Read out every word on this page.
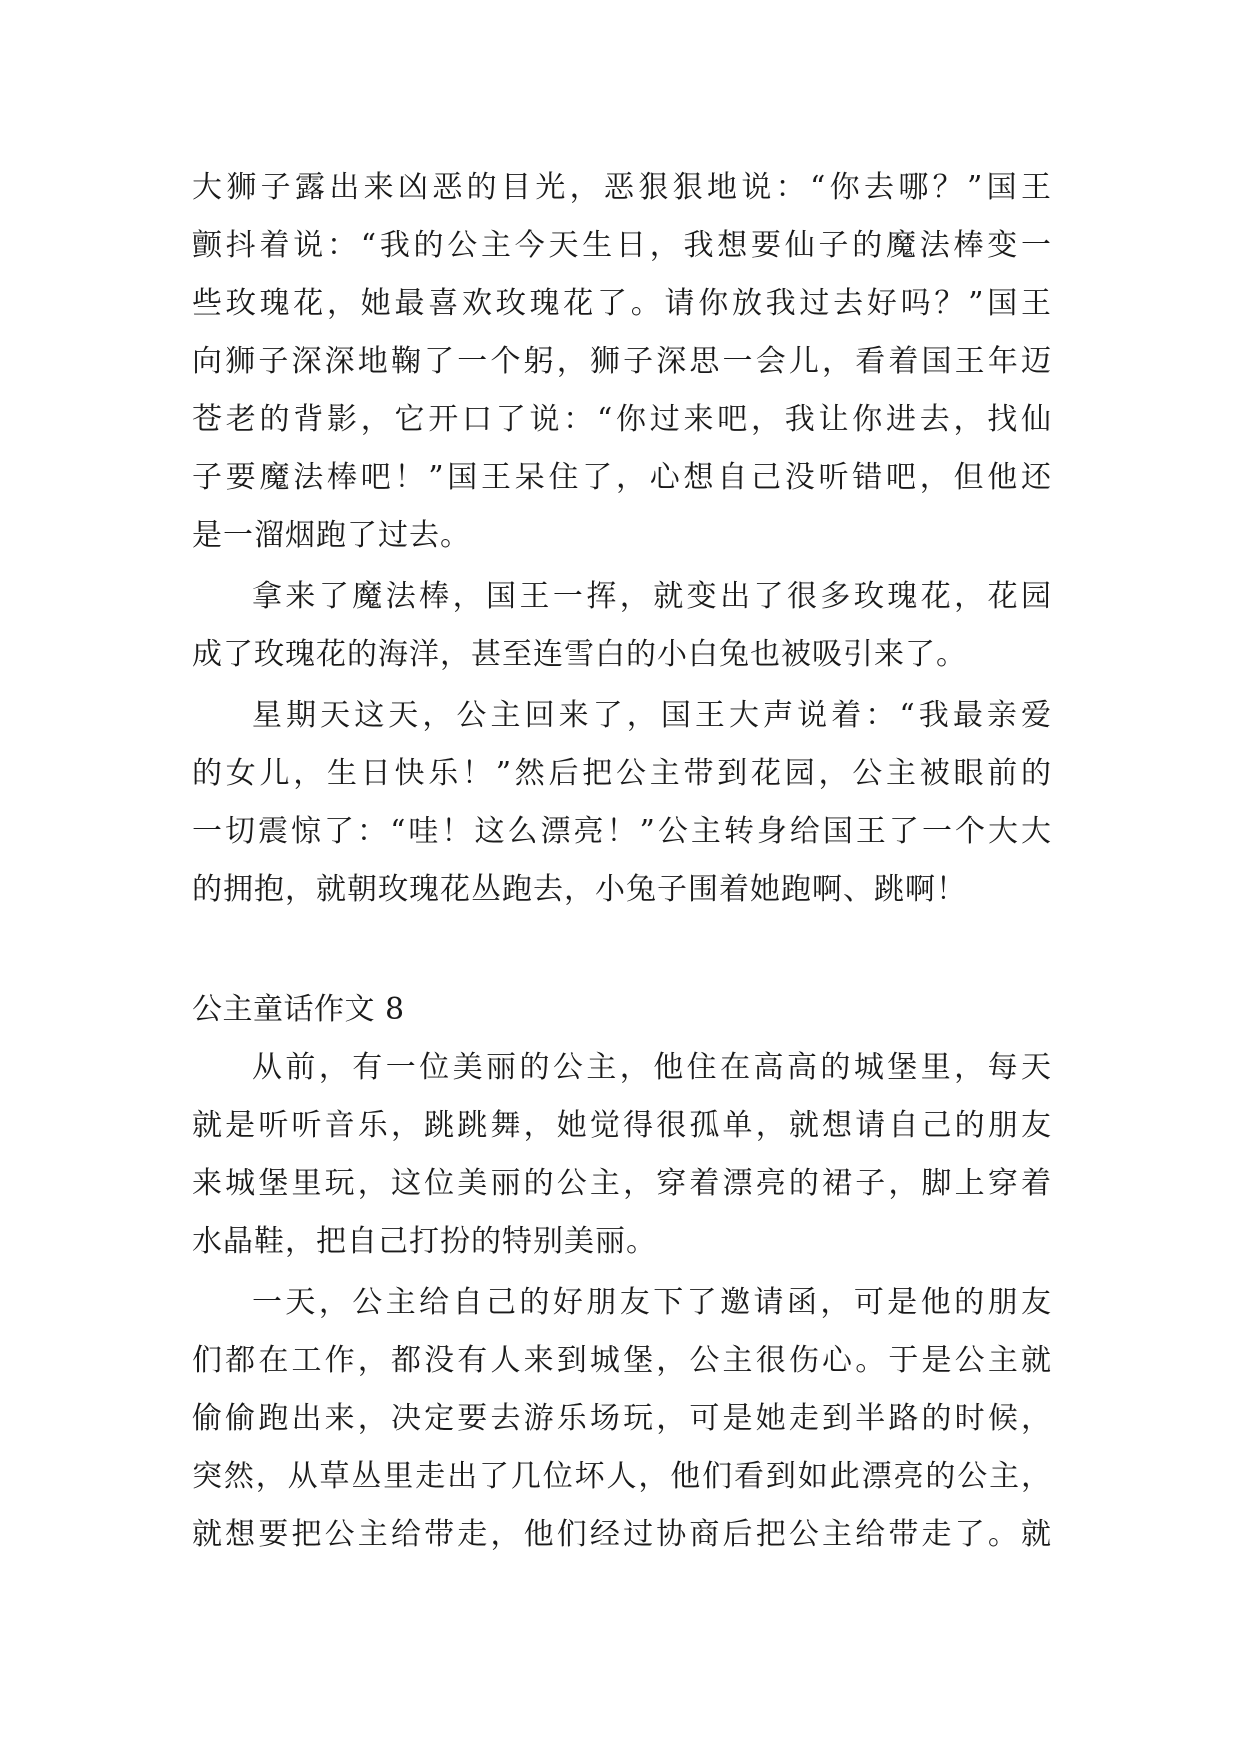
大狮子露出来凶恶的目光，恶狠狠地说：“你去哪？”国王
颤抖着说：“我的公主今天生日，我想要仙子的魔法棒变一
些玫瑰花，她最喜欢玫瑰花了。请你放我过去好吗？”国王
向狮子深深地鞠了一个躬，狮子深思一会儿，看着国王年迈
苍老的背影，它开口了说：“你过来吧，我让你进去，找仙
子要魔法棒吧！”国王呆住了，心想自己没听错吧，但他还
是一溜烟跑了过去。
拿来了魔法棒，国王一挥，就变出了很多玫瑰花，花园
成了玫瑰花的海洋，甚至连雪白的小白兔也被吸引来了。
星期天这天，公主回来了，国王大声说着：“我最亲爱
的女儿，生日快乐！”然后把公主带到花园，公主被眼前的
一切震惊了：“哇！这么漂亮！”公主转身给国王了一个大大
的拥抱，就朝玫瑰花丛跑去，小兔子围着她跑啊、跳啊！
公主童话作文 8
从前，有一位美丽的公主，他住在高高的城堡里，每天
就是听听音乐，跳跳舞，她觉得很孤单，就想请自己的朋友
来城堡里玩，这位美丽的公主，穿着漂亮的裙子，脚上穿着
水晶鞋，把自己打扮的特别美丽。
一天，公主给自己的好朋友下了邀请函，可是他的朋友
们都在工作，都没有人来到城堡，公主很伤心。于是公主就
偷偷跑出来，决定要去游乐场玩，可是她走到半路的时候，
突然，从草丛里走出了几位坏人，他们看到如此漂亮的公主，
就想要把公主给带走，他们经过协商后把公主给带走了。就
